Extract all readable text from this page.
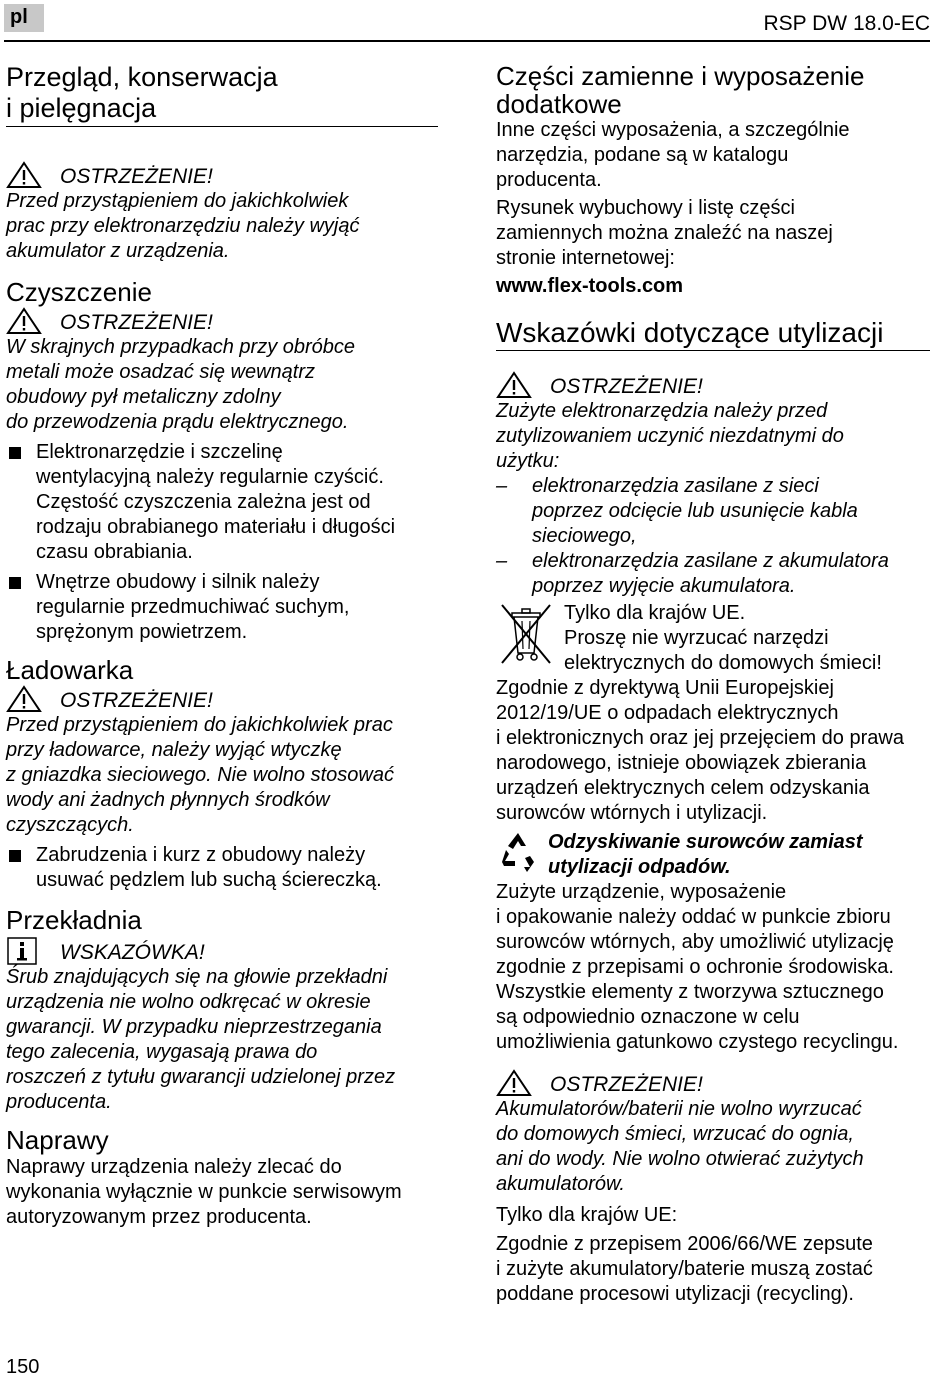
pl	RSP DW 18.0-EC
Przegląd, konserwacja
i pielęgnacja
OSTRZEŻENIE!

Przed przystąpieniem do jakichkolwiek

prac przy elektronarzędziu należy wyjąć

akumulator z urządzenia.

Czyszczenie
OSTRZEŻENIE!

W skrajnych przypadkach przy obróbce

metali może osadzać się wewnątrz

obudowy pył metaliczny zdolny

do przewodzenia prądu elektrycznego.

Elektronarzędzie i szczelinę

wentylacyjną należy regularnie czyścić.

Częstość czyszczenia zależna jest od

rodzaju obrabianego materiału i długości

czasu obrabiania.

Wnętrze obudowy i silnik należy

regularnie przedmuchiwać suchym,

sprężonym powietrzem.

Ładowarka
OSTRZEŻENIE!

Przed przystąpieniem do jakichkolwiek prac

przy ładowarce, należy wyjąć wtyczkę

z gniazdka sieciowego. Nie wolno stosować

wody ani żadnych płynnych środków

czyszczących.

Zabrudzenia i kurz z obudowy należy

usuwać pędzlem lub suchą ściereczką.

Przekładnia
WSKAZÓWKA!

Śrub znajdujących się na głowie przekładni

urządzenia nie wolno odkręcać w okresie

gwarancji. W przypadku nieprzestrzegania

tego zalecenia, wygasają prawa do

roszczeń z tytułu gwarancji udzielonej przez

producenta.

Naprawy

Naprawy urządzenia należy zlecać do

wykonania wyłącznie w punkcie serwisowym

autoryzowanym przez producenta.

Części zamienne i wyposażenie
dodatkowe

Inne części wyposażenia, a szczególnie

narzędzia, podane są w katalogu

producenta.

Rysunek wybuchowy i listę części

zamiennych można znaleźć na naszej

stronie internetowej:

www.flex-tools.com

Wskazówki dotyczące utylizacji
OSTRZEŻENIE!

Zużyte elektronarzędzia należy przed

zutylizowaniem uczynić niezdatnymi do

użytku:

–	elektronarzędzia zasilane z sieci

poprzez odcięcie lub usunięcie kabla

sieciowego,

–	elektronarzędzia zasilane z akumulatora

poprzez wyjęcie akumulatora.

Tylko dla krajów UE.

Proszę nie wyrzucać narzędzi

elektrycznych do domowych śmieci!

Zgodnie z dyrektywą Unii Europejskiej

2012/19/UE o odpadach elektrycznych

i elektronicznych oraz jej przejęciem do prawa

narodowego, istnieje obowiązek zbierania

urządzeń elektrycznych celem odzyskania

surowców wtórnych i utylizacji.

Odzyskiwanie surowców zamiast

utylizacji odpadów.

Zużyte urządzenie, wyposażenie

i opakowanie należy oddać w punkcie zbioru

surowców wtórnych, aby umożliwić utylizację

zgodnie z przepisami o ochronie środowiska.

Wszystkie elementy z tworzywa sztucznego

są odpowiednio oznaczone w celu

umożliwienia gatunkowo czystego recyclingu.

OSTRZEŻENIE!

Akumulatorów/baterii nie wolno wyrzucać

do domowych śmieci, wrzucać do ognia,

ani do wody. Nie wolno otwierać zużytych

akumulatorów.

Tylko dla krajów UE:

Zgodnie z przepisem 2006/66/WE zepsute

i zużyte akumulatory/baterie muszą zostać

poddane procesowi utylizacji (recycling).

150
